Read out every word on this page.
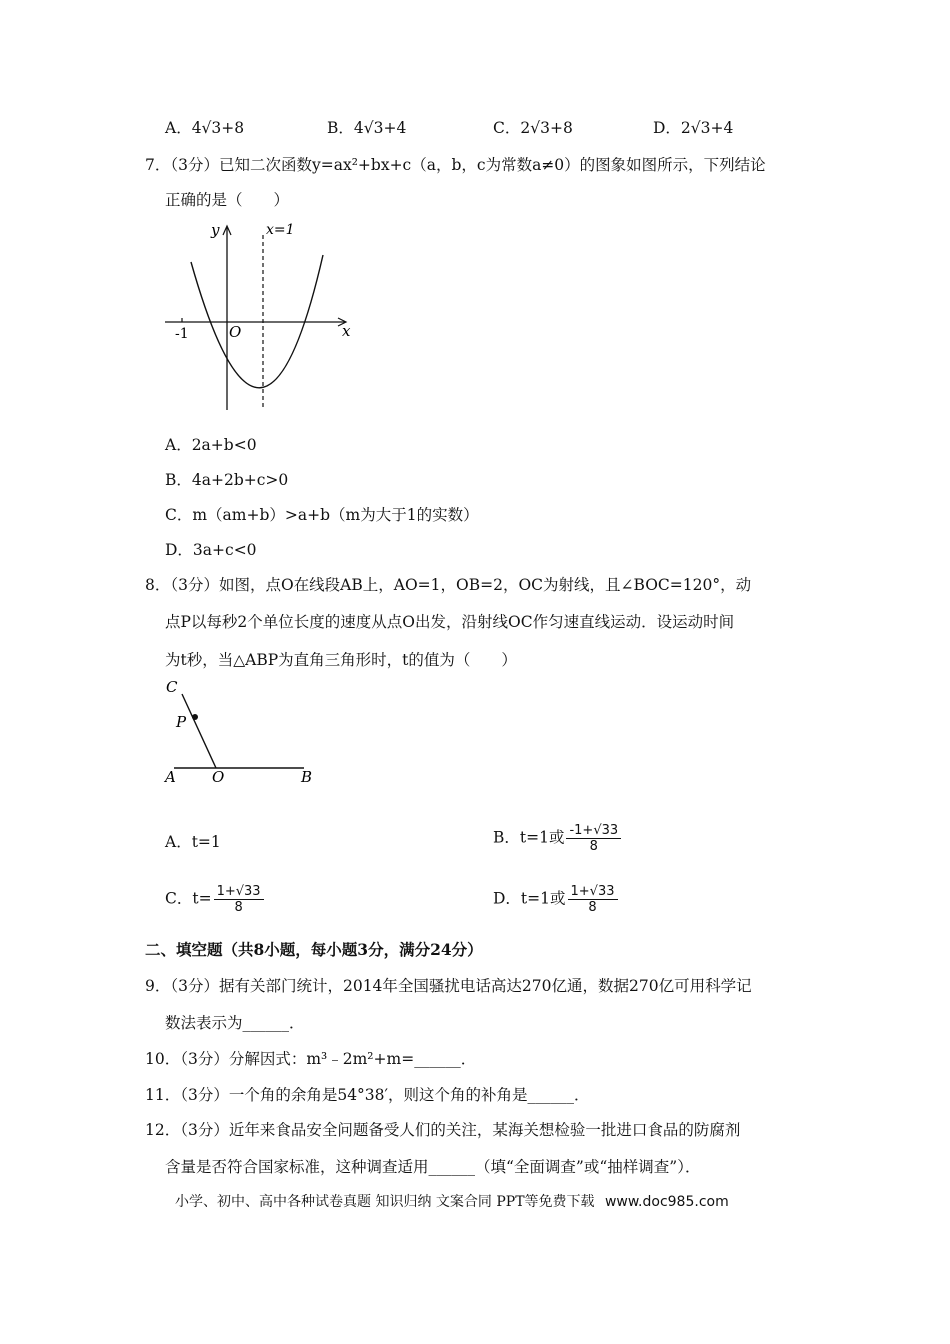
A．4√3+8	B．4√3+4	C．2√3+8	D．2√3+4
7．（3分）已知二次函数y=ax²+bx+c（a，b，c为常数a≠0）的图象如图所示，下列结论
正确的是（　　）
y
x
x=1
O
-1
A．2a+b<0
B．4a+2b+c>0
C．m（am+b）>a+b（m为大于1的实数）
D．3a+c<0
8．（3分）如图，点O在线段AB上，AO=1，OB=2，OC为射线，且∠BOC=120°，动
点P以每秒2个单位长度的速度从点O出发，沿射线OC作匀速直线运动．设运动时间
为t秒，当△ABP为直角三角形时，t的值为（　　）
C
P
A O	B
A．t=1	B．t=1或 $\frac{-1+√33}{8}$
C．$t= \frac{1+√33}{8}$	D．t=1或 $\frac{1+√33}{8}$
二、填空题（共8小题，每小题3分，满分24分）
9．（3分）据有关部门统计，2014年全国骚扰电话高达270亿通，数据270亿可用科学记
数法表示为______．
10．（3分）分解因式：m³﹣2m²+m=______．
11．（3分）一个角的余角是54°38′，则这个角的补角是______．
12．（3分）近年来食品安全问题备受人们的关注，某海关想检验一批进口食品的防腐剂
含量是否符合国家标准，这种调查适用______（填“全面调查”或“抽样调查”）．
小学、初中、高中各种试卷真题 知识归纳 文案合同 PPT等免费下载 www.doc985.com
